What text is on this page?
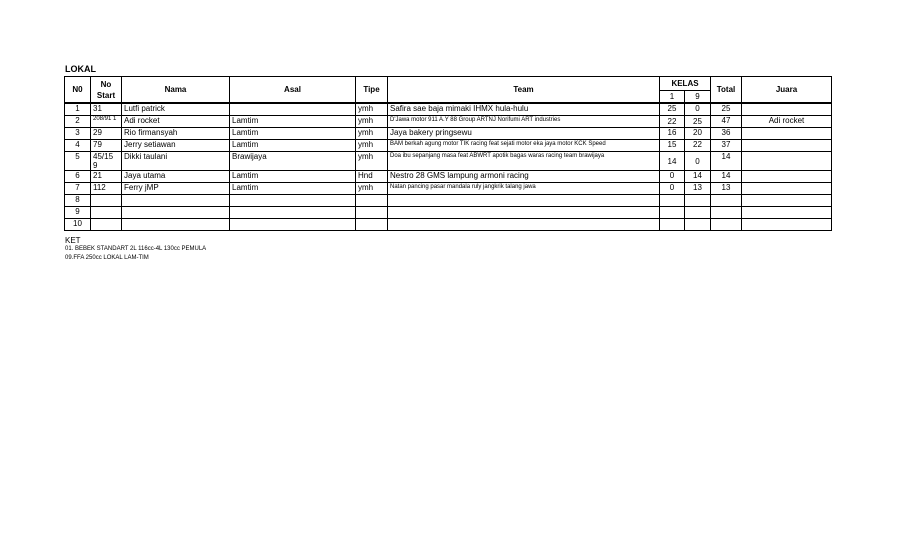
LOKAL
N0	No Start	Nama	Asal	Tipe	Team	KELAS		Total	Juara
						1	9		
1	31	Lutfi patrick		ymh	Safira sae baja mimaki IHMX hula-hulu	25	0	25	
2	208/91 1	Adi rocket	Lamtim	ymh	D'Jawa motor 911 A.Y 88 Group ARTNJ Norifumi ART industries	22	25	47	Adi rocket
3	29	Rio firmansyah	Lamtim	ymh	Jaya bakery pringsewu	16	20	36	
4	79	Jerry setiawan	Lamtim	ymh	BAM berkah agung motor TIK racing feat sejati motor eka jaya motor KCK Speed	15	22	37	
5	45/15 9	Dikki taulani	Brawijaya	ymh	Doa ibu sepanjang masa feat ABWRT apotik bagas waras racing team brawijaya	14	0	14	
6	21	Jaya utama	Lamtim	Hnd	Nestro 28 GMS lampung armoni racing	0	14	14	
7	112	Ferry jMP	Lamtim	ymh	Natan pancing pasar mandala ruly jangkrik talang jawa	0	13	13	
8									
9									
10									
KET
01. BEBEK STANDART 2L 116cc-4L 130cc PEMULA
09.FFA 250cc LOKAL LAM-TIM
